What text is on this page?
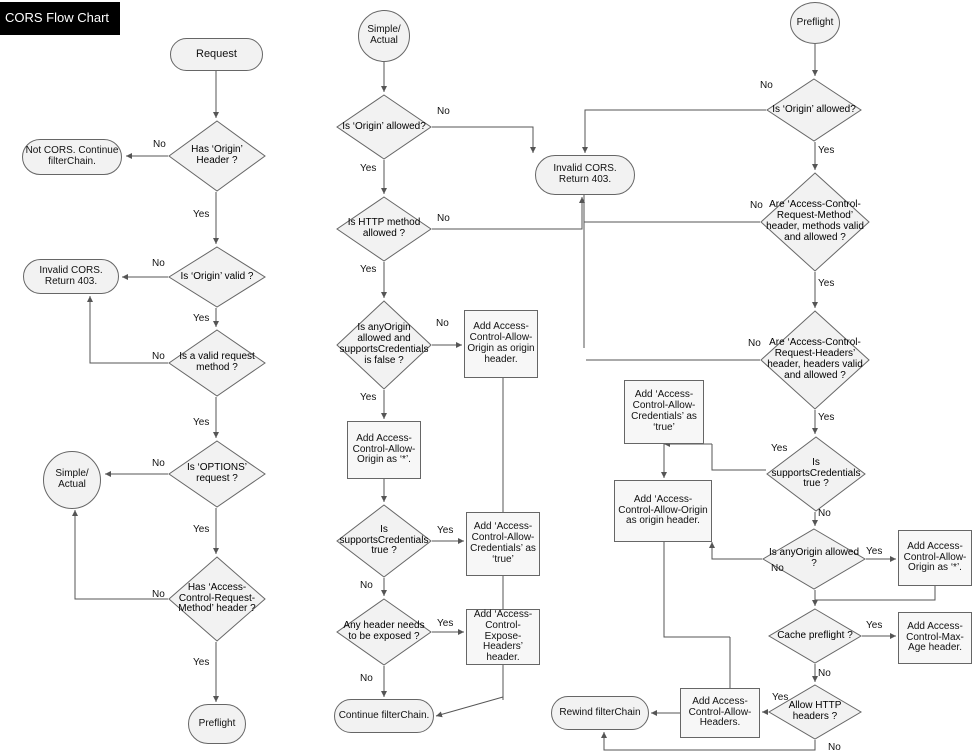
CORS Flow Chart
Request
Has ‘Origin’ Header ?
Not CORS. Continue filterChain.
Is ‘Origin’ valid ?
Invalid CORS. Return 403.
Is a valid request method ?
Is ‘OPTIONS’ request ?
Simple/ Actual
Has ‘Access-Control-Request-Method’ header ?
Preflight
Simple/ Actual
Is ‘Origin’ allowed?
Invalid CORS. Return 403.
Is HTTP method allowed ?
Is anyOrigin allowed and supportsCredentials is false ?
Add Access-Control-Allow-Origin as origin header.
Add Access-Control-Allow-Origin as ‘*’.
Is supportsCredentials true ?
Add ‘Access-Control-Allow-Credentials’ as ‘true’
Any header needs to be exposed ?
Add ‘Access-Control-Expose-Headers’ header.
Continue filterChain.
Preflight
Is ‘Origin’ allowed?
Are ‘Access-Control-Request-Method’ header, methods valid and allowed ?
Are ‘Access-Control-Request-Headers’ header, headers valid and allowed ?
Is supportsCredentials true ?
Add ‘Access-Control-Allow-Credentials’ as ‘true’
Add ‘Access-Control-Allow-Origin as origin header.
Is anyOrigin allowed ?
Add Access-Control-Allow-Origin as ‘*’.
Cache preflight ?
Add Access-Control-Max-Age header.
Allow HTTP headers ?
Add Access-Control-Allow-Headers.
Rewind filterChain
No
Yes
No
Yes
No
Yes
No
Yes
No
Yes
No
Yes
No
Yes
No
Yes
Yes
No
Yes
No
No
Yes
No
Yes
No
Yes
Yes
No
No
Yes
Yes
No
Yes
No
